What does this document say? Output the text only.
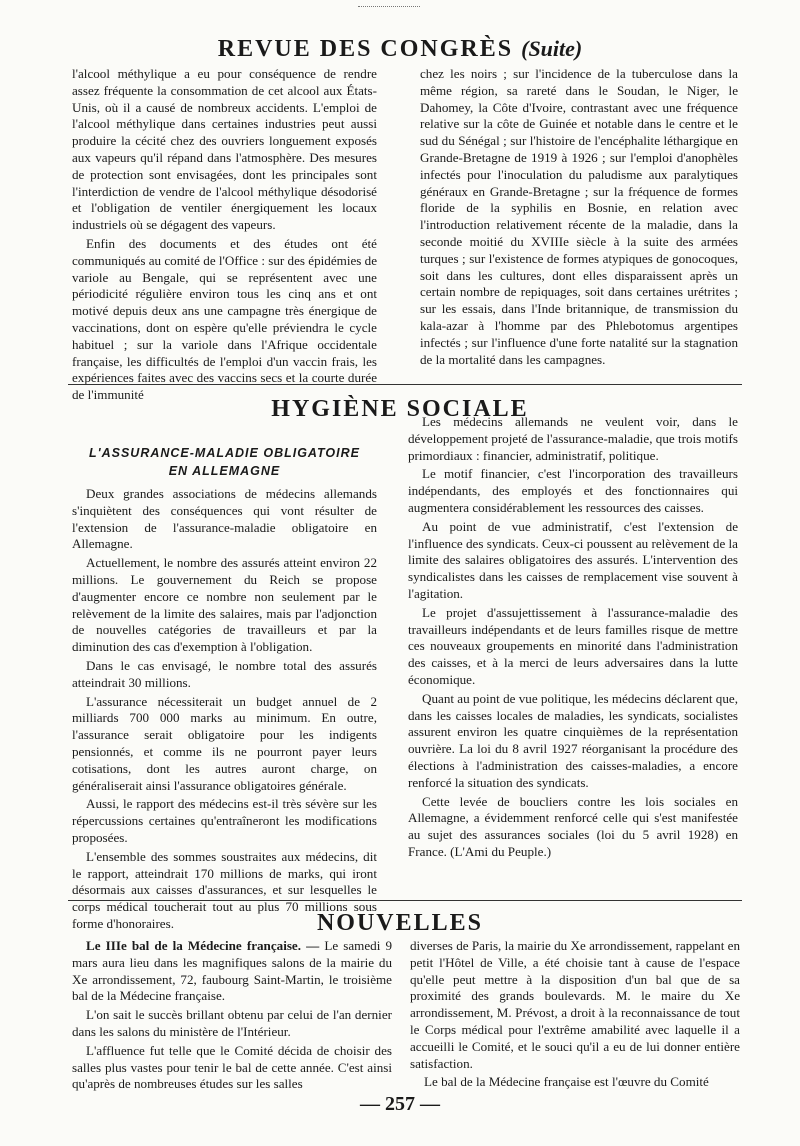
REVUE DES CONGRÈS (Suite)

l'alcool méthylique a eu pour conséquence de rendre assez fréquente la consommation de cet alcool aux États-Unis, où il a causé de nombreux accidents. L'emploi de l'alcool méthylique dans certaines industries peut aussi produire la cécité chez des ouvriers longuement exposés aux vapeurs qu'il répand dans l'atmosphère. Des mesures de protection sont envisagées, dont les principales sont l'interdiction de vendre de l'alcool méthylique désodorisé et l'obligation de ventiler énergiquement les locaux industriels où se dégagent des vapeurs.

Enfin des documents et des études ont été communiqués au comité de l'Office : sur des épidémies de variole au Bengale, qui se représentent avec une périodicité régulière environ tous les cinq ans et ont motivé depuis deux ans une campagne très énergique de vaccinations, dont on espère qu'elle préviendra le cycle habituel ; sur la variole dans l'Afrique occidentale française, les difficultés de l'emploi d'un vaccin frais, les expériences faites avec des vaccins secs et la courte durée de l'immunité

chez les noirs ; sur l'incidence de la tuberculose dans la même région, sa rareté dans le Soudan, le Niger, le Dahomey, la Côte d'Ivoire, contrastant avec une fréquence relative sur la côte de Guinée et notable dans le centre et le sud du Sénégal ; sur l'histoire de l'encéphalite léthargique en Grande-Bretagne de 1919 à 1926 ; sur l'emploi d'anophèles infectés pour l'inoculation du paludisme aux paralytiques généraux en Grande-Bretagne ; sur la fréquence de formes floride de la syphilis en Bosnie, en relation avec l'introduction relativement récente de la maladie, dans la seconde moitié du XVIIIe siècle à la suite des armées turques ; sur l'existence de formes atypiques de gonocoques, soit dans les cultures, dont elles disparaissent après un certain nombre de repiquages, soit dans certaines urétrites ; sur les essais, dans l'Inde britannique, de transmission du kala-azar à l'homme par des Phlebotomus argentipes infectés ; sur l'influence d'une forte natalité sur la stagnation de la mortalité dans les campagnes.

HYGIÈNE SOCIALE
L'ASSURANCE-MALADIE OBLIGATOIRE
EN ALLEMAGNE

Deux grandes associations de médecins allemands s'inquiètent des conséquences qui vont résulter de l'extension de l'assurance-maladie obligatoire en Allemagne.

Actuellement, le nombre des assurés atteint environ 22 millions. Le gouvernement du Reich se propose d'augmenter encore ce nombre non seulement par le relèvement de la limite des salaires, mais par l'adjonction de nouvelles catégories de travailleurs et par la diminution des cas d'exemption à l'obligation.

Dans le cas envisagé, le nombre total des assurés atteindrait 30 millions.

L'assurance nécessiterait un budget annuel de 2 milliards 700 000 marks au minimum. En outre, l'assurance serait obligatoire pour les indigents pensionnés, et comme ils ne pourront payer leurs cotisations, dont les autres auront charge, on généraliserait ainsi l'assurance obligatoires générale.

Aussi, le rapport des médecins est-il très sévère sur les répercussions certaines qu'entraîneront les modifications proposées.

L'ensemble des sommes soustraites aux médecins, dit le rapport, atteindrait 170 millions de marks, qui iront désormais aux caisses d'assurances, et sur lesquelles le corps médical toucherait tout au plus 70 millions sous forme d'honoraires.

Les médecins allemands ne veulent voir, dans le développement projeté de l'assurance-maladie, que trois motifs primordiaux : financier, administratif, politique.

Le motif financier, c'est l'incorporation des travailleurs indépendants, des employés et des fonctionnaires qui augmentera considérablement les ressources des caisses.

Au point de vue administratif, c'est l'extension de l'influence des syndicats. Ceux-ci poussent au relèvement de la limite des salaires obligatoires des assurés. L'intervention des syndicalistes dans les caisses de remplacement vise souvent à l'agitation.

Le projet d'assujettissement à l'assurance-maladie des travailleurs indépendants et de leurs familles risque de mettre ces nouveaux groupements en minorité dans l'administration des caisses, et à la merci de leurs adversaires dans la lutte économique.

Quant au point de vue politique, les médecins déclarent que, dans les caisses locales de maladies, les syndicats, socialistes assurent environ les quatre cinquièmes de la représentation ouvrière. La loi du 8 avril 1927 réorganisant la procédure des élections à l'administration des caisses-maladies, a encore renforcé la situation des syndicats.

Cette levée de boucliers contre les lois sociales en Allemagne, a évidemment renforcé celle qui s'est manifestée au sujet des assurances sociales (loi du 5 avril 1928) en France. (L'Ami du Peuple.)

NOUVELLES

Le IIIe bal de la Médecine française. — Le samedi 9 mars aura lieu dans les magnifiques salons de la mairie du Xe arrondissement, 72, faubourg Saint-Martin, le troisième bal de la Médecine française.

L'on sait le succès brillant obtenu par celui de l'an dernier dans les salons du ministère de l'Intérieur.

L'affluence fut telle que le Comité décida de choisir des salles plus vastes pour tenir le bal de cette année. C'est ainsi qu'après de nombreuses études sur les salles

diverses de Paris, la mairie du Xe arrondissement, rappelant en petit l'Hôtel de Ville, a été choisie tant à cause de l'espace qu'elle peut mettre à la disposition d'un bal que de sa proximité des grands boulevards. M. le maire du Xe arrondissement, M. Prévost, a droit à la reconnaissance de tout le Corps médical pour l'extrême amabilité avec laquelle il a accueilli le Comité, et le souci qu'il a eu de lui donner entière satisfaction.

Le bal de la Médecine française est l'œuvre du Comité

— 257 —
